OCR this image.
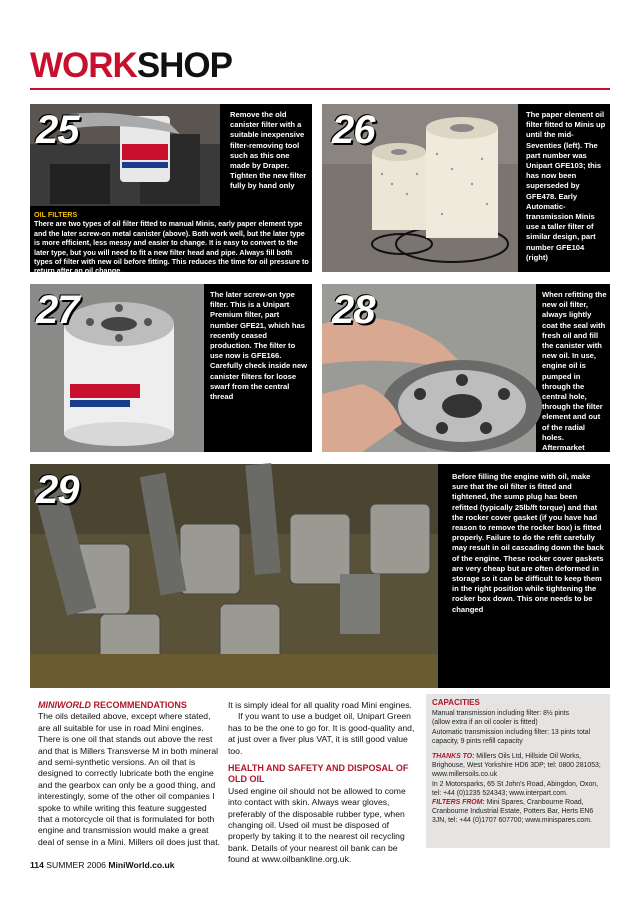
WORKSHOP
25	Remove the old canister filter with a suitable inexpensive filter-removing tool such as this one made by Draper. Tighten the new filter fully by hand only
OIL FILTERS
There are two types of oil filter fitted to manual Minis, early paper element type and the later screw-on metal canister (above). Both work well, but the later type is more efficient, less messy and easier to change. It is easy to convert to the later type, but you will need to fit a new filter head and pipe. Always fill both types of filter with new oil before fitting. This reduces the time for oil pressure to return after an oil change.
26	The paper element oil filter fitted to Minis up until the mid-Seventies (left). The part number was Unipart GFE103; this has now been superseded by GFE478. Early Automatic-transmission Minis use a taller filter of similar design, part number GFE104 (right)
27	The later screw-on type filter. This is a Unipart Premium filter, part number GFE21, which has recently ceased production. The filter to use now is GFE166. Carefully check inside new canister filters for loose swarf from the central thread
28	When refitting the new oil filter, always lightly coat the seal with fresh oil and fill the canister with new oil. In use, engine oil is pumped in through the central hole, through the filter element and out of the radial holes. Aftermarket magnetic collars
29	Before filling the engine with oil, make sure that the oil filter is fitted and tightened, the sump plug has been refitted (typically 25lb/ft torque) and that the rocker cover gasket (if you have had reason to remove the rocker box) is fitted properly. Failure to do the refit carefully may result in oil cascading down the back of the engine. These rocker cover gaskets are very cheap but are often deformed in storage so it can be difficult to keep them in the right position while tightening the rocker box down. This one needs to be changed
MINIWORLD RECOMMENDATIONS

The oils detailed above, except where stated, are all suitable for use in road Mini engines. There is one oil that stands out above the rest and that is Millers Transverse M in both mineral and semi-synthetic versions. An oil that is designed to correctly lubricate both the engine and the gearbox can only be a good thing, and interestingly, some of the other oil companies I spoke to while writing this feature suggested that a motorcycle oil that is formulated for both engine and transmission would make a great deal of sense in a Mini. Millers oil does just that.

It is simply ideal for all quality road Mini engines.

If you want to use a budget oil, Unipart Green has to be the one to go for. It is good-quality and, at just over a fiver plus VAT, it is still good value too.

HEALTH AND SAFETY AND DISPOSAL OF OLD OIL

Used engine oil should not be allowed to come into contact with skin. Always wear gloves, preferably of the disposable rubber type, when changing oil. Used oil must be disposed of properly by taking it to the nearest oil recycling bank. Details of your nearest oil bank can be found at www.oilbankline.org.uk.

CAPACITIES
Manual transmission including filter: 8½ pints
(allow extra if an oil cooler is fitted)
Automatic transmission including filter: 13 pints total capacity, 9 pints refill capacity
THANKS TO: Millers Oils Ltd, Hillside Oil Works, Brighouse, West Yorkshire HD6 3DP; tel: 0800 281053; www.millersoils.co.uk
In 2 Motorsparks, 65 St John's Road, Abingdon, Oxon, tel: +44 (0)1235 524343; www.interpart.com.
FILTERS FROM: Mini Spares, Cranbourne Road, Cranbourne Industrial Estate, Potters Bar, Herts EN6 3JN, tel: +44 (0)1707 607700; www.minispares.com.
114 SUMMER 2006 MiniWorld.co.uk
